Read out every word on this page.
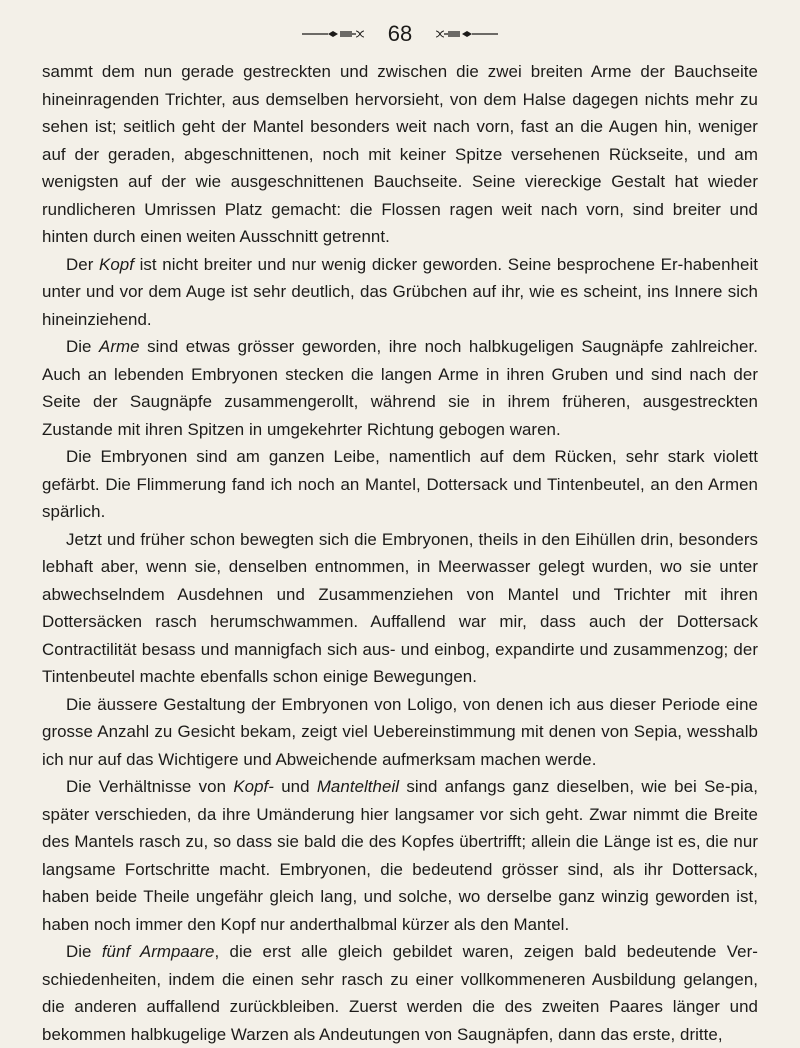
68

sammt dem nun gerade gestreckten und zwischen die zwei breiten Arme der Bauchseite hineinragenden Trichter, aus demselben hervorsieht, von dem Halse dagegen nichts mehr zu sehen ist; seitlich geht der Mantel besonders weit nach vorn, fast an die Augen hin, weniger auf der geraden, abgeschnittenen, noch mit keiner Spitze versehenen Rückseite, und am wenigsten auf der wie ausgeschnittenen Bauchseite. Seine viereckige Gestalt hat wieder rundlicheren Umrissen Platz gemacht: die Flossen ragen weit nach vorn, sind breiter und hinten durch einen weiten Ausschnitt getrennt.

Der Kopf ist nicht breiter und nur wenig dicker geworden. Seine besprochene Er-habenheit unter und vor dem Auge ist sehr deutlich, das Grübchen auf ihr, wie es scheint, ins Innere sich hineinziehend.

Die Arme sind etwas grösser geworden, ihre noch halbkugeligen Saugnäpfe zahlreicher. Auch an lebenden Embryonen stecken die langen Arme in ihren Gruben und sind nach der Seite der Saugnäpfe zusammengerollt, während sie in ihrem früheren, ausgestreckten Zustande mit ihren Spitzen in umgekehrter Richtung gebogen waren.

Die Embryonen sind am ganzen Leibe, namentlich auf dem Rücken, sehr stark violett gefärbt. Die Flimmerung fand ich noch an Mantel, Dottersack und Tintenbeutel, an den Armen spärlich.

Jetzt und früher schon bewegten sich die Embryonen, theils in den Eihüllen drin, besonders lebhaft aber, wenn sie, denselben entnommen, in Meerwasser gelegt wurden, wo sie unter abwechselndem Ausdehnen und Zusammenziehen von Mantel und Trichter mit ihren Dottersäcken rasch herumschwammen. Auffallend war mir, dass auch der Dottersack Contractilität besass und mannigfach sich aus- und einbog, expandirte und zusammenzog; der Tintenbeutel machte ebenfalls schon einige Bewegungen.

Die äussere Gestaltung der Embryonen von Loligo, von denen ich aus dieser Periode eine grosse Anzahl zu Gesicht bekam, zeigt viel Uebereinstimmung mit denen von Sepia, wesshalb ich nur auf das Wichtigere und Abweichende aufmerksam machen werde.

Die Verhältnisse von Kopf- und Manteltheil sind anfangs ganz dieselben, wie bei Se-pia, später verschieden, da ihre Umänderung hier langsamer vor sich geht. Zwar nimmt die Breite des Mantels rasch zu, so dass sie bald die des Kopfes übertrifft; allein die Länge ist es, die nur langsame Fortschritte macht. Embryonen, die bedeutend grösser sind, als ihr Dottersack, haben beide Theile ungefähr gleich lang, und solche, wo derselbe ganz winzig geworden ist, haben noch immer den Kopf nur anderthalbmal kürzer als den Mantel.

Die fünf Armpaare, die erst alle gleich gebildet waren, zeigen bald bedeutende Ver-schiedenheiten, indem die einen sehr rasch zu einer vollkommeneren Ausbildung gelangen, die anderen auffallend zurückbleiben. Zuerst werden die des zweiten Paares länger und bekommen halbkugelige Warzen als Andeutungen von Saugnäpfen, dann das erste, dritte,
